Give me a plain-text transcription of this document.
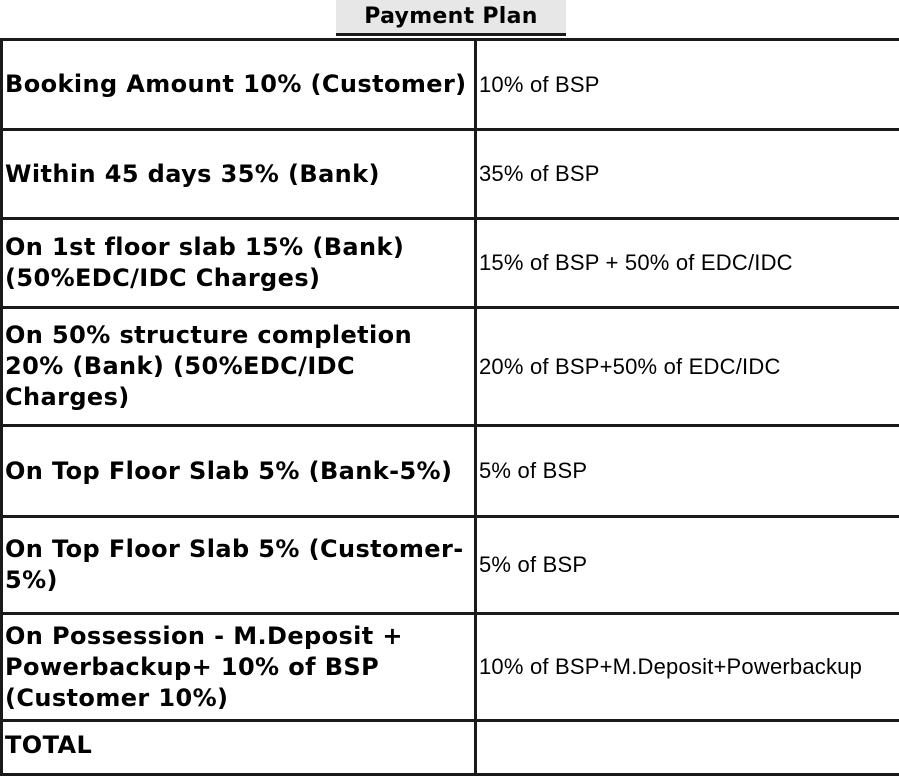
Payment Plan
Booking Amount 10% (Customer)	10% of BSP
Within 45 days 35% (Bank)	35% of BSP
On 1st floor slab 15% (Bank) (50%EDC/IDC Charges)	15% of BSP + 50% of EDC/IDC
On 50% structure completion 20% (Bank) (50%EDC/IDC Charges)	20% of BSP+50% of EDC/IDC
On Top Floor Slab 5% (Bank-5%)	5% of BSP
On Top Floor Slab 5% (Customer-5%)	5% of BSP
On Possession - M.Deposit + Powerbackup+ 10% of BSP (Customer 10%)	10% of BSP+M.Deposit+Powerbackup
TOTAL	
